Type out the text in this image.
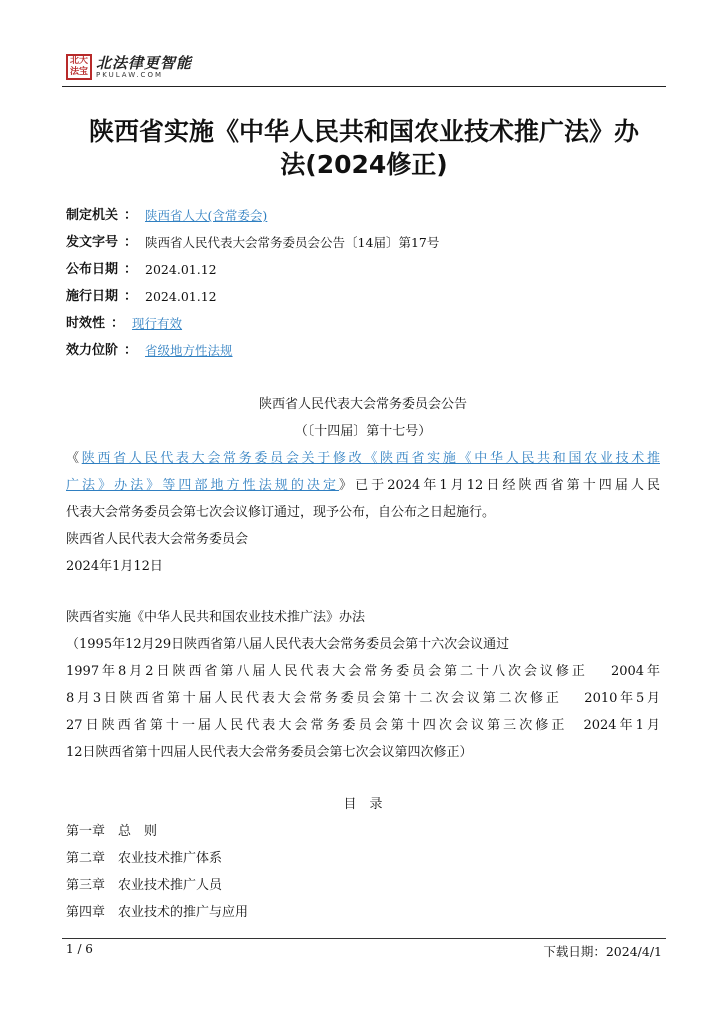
北大法宝
北法律更智能
PKULAW.COM
陕西省实施《中华人民共和国农业技术推广法》办
法(2024修正)
制定机关 ： 陕西省人大(含常委会)
发文字号 ： 陕西省人民代表大会常务委员会公告〔14届〕第17号
公布日期 ： 2024.01.12
施行日期 ： 2024.01.12
时效性 ： 现行有效
效力位阶 ： 省级地方性法规
陕西省人民代表大会常务委员会公告
（〔十四届〕第十七号）
《陕西省人民代表大会常务委员会关于修改《陕西省实施《中华人民共和国农业技术推
广法》办法》等四部地方性法规的决定》已于2024年1月12日经陕西省第十四届人民
代表大会常务委员会第七次会议修订通过，现予公布，自公布之日起施行。
陕西省人民代表大会常务委员会
2024年1月12日
陕西省实施《中华人民共和国农业技术推广法》办法
（1995年12月29日陕西省第八届人民代表大会常务委员会第十六次会议通过
1997年8月2日陕西省第八届人民代表大会常务委员会第二十八次会议修正　 2004年
8月3日陕西省第十届人民代表大会常务委员会第十二次会议第二次修正　 2010年5月
27日陕西省第十一届人民代表大会常务委员会第十四次会议第三次修正　2024年1月
12日陕西省第十四届人民代表大会常务委员会第七次会议第四次修正）
目　录
第一章　总　则
第二章　农业技术推广体系
第三章　农业技术推广人员
第四章　农业技术的推广与应用
1 / 6	下载日期：2024/4/1
